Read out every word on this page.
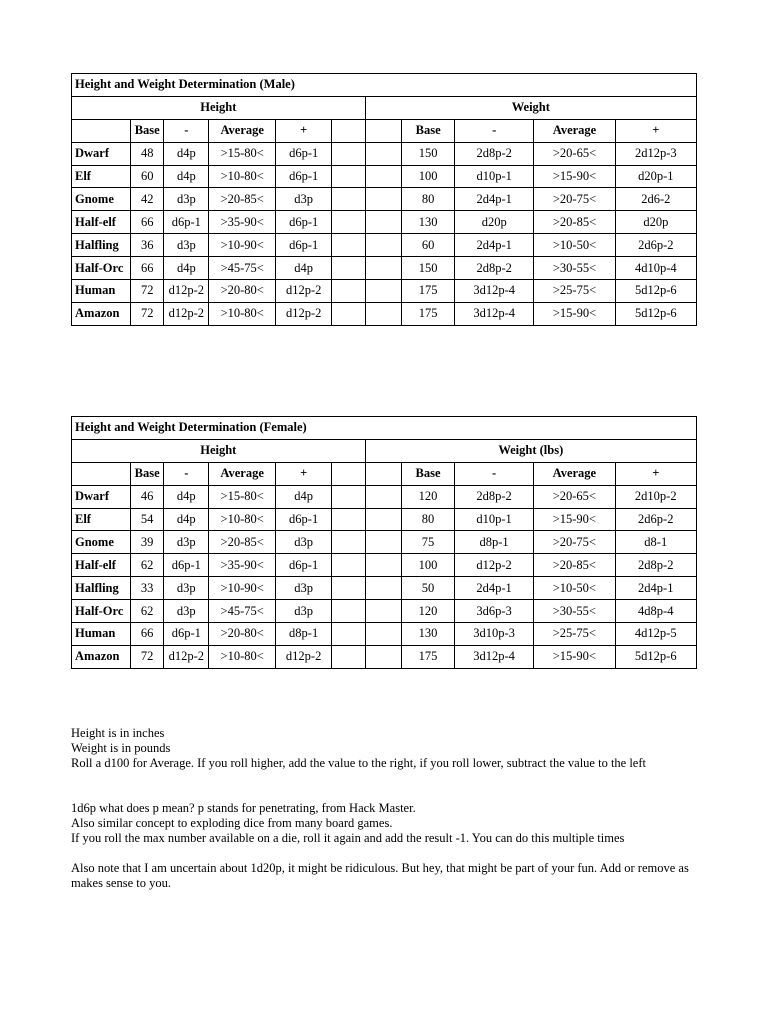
Height and Weight Determination (Male)										
Height						Weight				
	Base	-	Average	+			Base	-	Average	+
Dwarf	48	d4p	>15-80<	d6p-1			150	2d8p-2	>20-65<	2d12p-3
Elf	60	d4p	>10-80<	d6p-1			100	d10p-1	>15-90<	d20p-1
Gnome	42	d3p	>20-85<	d3p			80	2d4p-1	>20-75<	2d6-2
Half-elf	66	d6p-1	>35-90<	d6p-1			130	d20p	>20-85<	d20p
Halfling	36	d3p	>10-90<	d6p-1			60	2d4p-1	>10-50<	2d6p-2
Half-Orc	66	d4p	>45-75<	d4p			150	2d8p-2	>30-55<	4d10p-4
Human	72	d12p-2	>20-80<	d12p-2			175	3d12p-4	>25-75<	5d12p-6
Amazon	72	d12p-2	>10-80<	d12p-2			175	3d12p-4	>15-90<	5d12p-6
Height and Weight Determination (Female)										
Height						Weight (lbs)				
	Base	-	Average	+			Base	-	Average	+
Dwarf	46	d4p	>15-80<	d4p			120	2d8p-2	>20-65<	2d10p-2
Elf	54	d4p	>10-80<	d6p-1			80	d10p-1	>15-90<	2d6p-2
Gnome	39	d3p	>20-85<	d3p			75	d8p-1	>20-75<	d8-1
Half-elf	62	d6p-1	>35-90<	d6p-1			100	d12p-2	>20-85<	2d8p-2
Halfling	33	d3p	>10-90<	d3p			50	2d4p-1	>10-50<	2d4p-1
Half-Orc	62	d3p	>45-75<	d3p			120	3d6p-3	>30-55<	4d8p-4
Human	66	d6p-1	>20-80<	d8p-1			130	3d10p-3	>25-75<	4d12p-5
Amazon	72	d12p-2	>10-80<	d12p-2			175	3d12p-4	>15-90<	5d12p-6

Height is in inches

Weight is in pounds

Roll a d100 for Average. If you roll higher, add the value to the right, if you roll lower, subtract the value to the left

1d6p what does p mean? p stands for penetrating, from Hack Master.

Also similar concept to exploding dice from many board games.

If you roll the max number available on a die, roll it again and add the result -1. You can do this multiple times

Also note that I am uncertain about 1d20p, it might be ridiculous. But hey, that might be part of your fun. Add or remove as makes sense to you.
